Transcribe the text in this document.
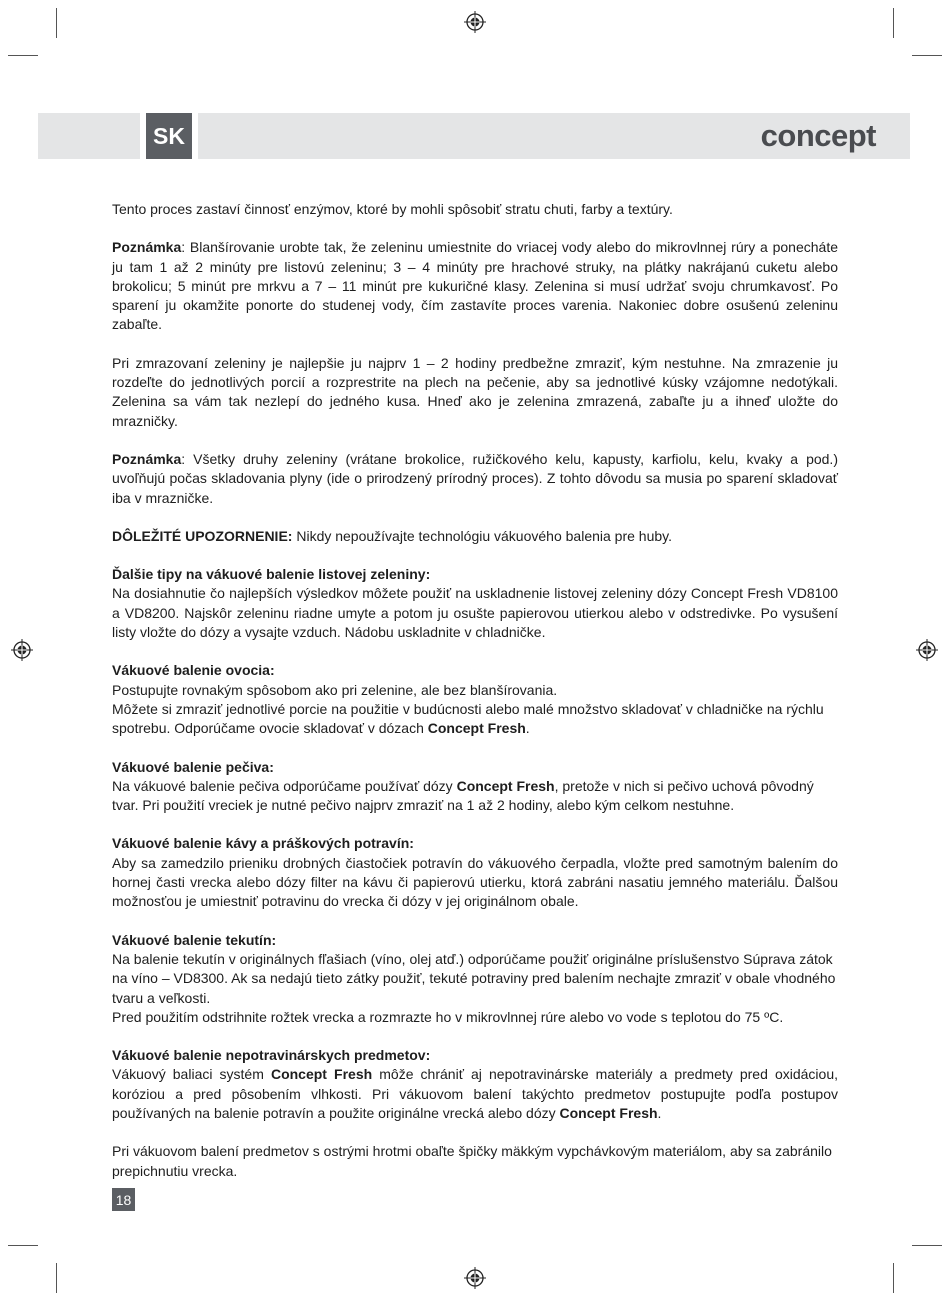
SK	concept

Tento proces zastaví činnosť enzýmov, ktoré by mohli spôsobiť stratu chuti, farby a textúry.

Poznámka: Blanšírovanie urobte tak, že zeleninu umiestnite do vriacej vody alebo do mikrovlnnej rúry a ponecháte ju tam 1 až 2 minúty pre listovú zeleninu; 3 – 4 minúty pre hrachové struky, na plátky nakrájanú cuketu alebo brokolicu; 5 minút pre mrkvu a 7 – 11 minút pre kukuričné klasy. Zelenina si musí udržať svoju chrumkavosť. Po sparení ju okamžite ponorte do studenej vody, čím zastavíte proces varenia. Nakoniec dobre osušenú zeleninu zabaľte.

Pri zmrazovaní zeleniny je najlepšie ju najprv 1 – 2 hodiny predbežne zmraziť, kým nestuhne. Na zmrazenie ju rozdeľte do jednotlivých porcií a rozprestrite na plech na pečenie, aby sa jednotlivé kúsky vzájomne nedotýkali. Zelenina sa vám tak nezlepí do jedného kusa. Hneď ako je zelenina zmrazená, zabaľte ju a ihneď uložte do mrazničky.

Poznámka: Všetky druhy zeleniny (vrátane brokolice, ružičkového kelu, kapusty, karfiolu, kelu, kvaky a pod.) uvoľňujú počas skladovania plyny (ide o prirodzený prírodný proces). Z tohto dôvodu sa musia po sparení skladovať iba v mrazničke.

DÔLEŽITÉ UPOZORNENIE: Nikdy nepoužívajte technológiu vákuového balenia pre huby.

Ďalšie tipy na vákuové balenie listovej zeleniny:
Na dosiahnutie čo najlepších výsledkov môžete použiť na uskladnenie listovej zeleniny dózy Concept Fresh VD8100 a VD8200. Najskôr zeleninu riadne umyte a potom ju osušte papierovou utierkou alebo v odstredivke. Po vysušení listy vložte do dózy a vysajte vzduch. Nádobu uskladnite v chladničke.

Vákuové balenie ovocia:
Postupujte rovnakým spôsobom ako pri zelenine, ale bez blanšírovania.
Môžete si zmraziť jednotlivé porcie na použitie v budúcnosti alebo malé množstvo skladovať v chladničke na rýchlu spotrebu. Odporúčame ovocie skladovať v dózach Concept Fresh.

Vákuové balenie pečiva:
Na vákuové balenie pečiva odporúčame používať dózy Concept Fresh, pretože v nich si pečivo uchová pôvodný tvar. Pri použití vreciek je nutné pečivo najprv zmraziť na 1 až 2 hodiny, alebo kým celkom nestuhne.

Vákuové balenie kávy a práškových potravín:
Aby sa zamedzilo prieniku drobných čiastočiek potravín do vákuového čerpadla, vložte pred samotným balením do hornej časti vrecka alebo dózy filter na kávu či papierovú utierku, ktorá zabráni nasatiu jemného materiálu. Ďalšou možnosťou je umiestniť potravinu do vrecka či dózy v jej originálnom obale.

Vákuové balenie tekutín:
Na balenie tekutín v originálnych fľašiach (víno, olej atď.) odporúčame použiť originálne príslušenstvo Súprava zátok na víno – VD8300. Ak sa nedajú tieto zátky použiť, tekuté potraviny pred balením nechajte zmraziť v obale vhodného tvaru a veľkosti.
Pred použitím odstrihnite rožtek vrecka a rozmrazte ho v mikrovlnnej rúre alebo vo vode s teplotou do 75 ºC.

Vákuové balenie nepotravinárskych predmetov:
Vákuový baliaci systém Concept Fresh môže chrániť aj nepotravinárske materiály a predmety pred oxidáciou, koróziou a pred pôsobením vlhkosti. Pri vákuovom balení takýchto predmetov postupujte podľa postupov používaných na balenie potravín a použite originálne vrecká alebo dózy Concept Fresh.

Pri vákuovom balení predmetov s ostrými hrotmi obaľte špičky mäkkým vypchávkovým materiálom, aby sa zabránilo prepichnutiu vrecka.

18
